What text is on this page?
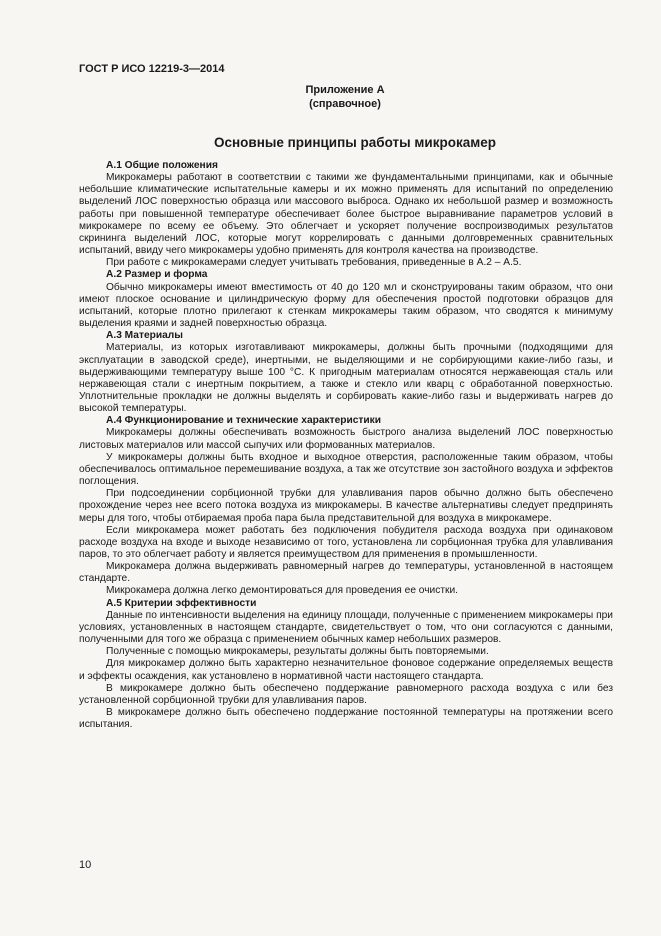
ГОСТ Р ИСО 12219-3—2014
Приложение А
(справочное)
Основные принципы работы микрокамер

А.1 Общие положения

Микрокамеры работают в соответствии с такими же фундаментальными принципами, как и обычные небольшие климатические испытательные камеры и их можно применять для испытаний по определению выделений ЛОС поверхностью образца или массового выброса. Однако их небольшой размер и возможность работы при повышенной температуре обеспечивает более быстрое выравнивание параметров условий в микрокамере по всему ее объему. Это облегчает и ускоряет получение воспроизводимых результатов скрининга выделений ЛОС, которые могут коррелировать с данными долговременных сравнительных испытаний, ввиду чего микрокамеры удобно применять для контроля качества на производстве.

При работе с микрокамерами следует учитывать требования, приведенные в А.2 – А.5.

А.2 Размер и форма

Обычно микрокамеры имеют вместимость от 40 до 120 мл и сконструированы таким образом, что они имеют плоское основание и цилиндрическую форму для обеспечения простой подготовки образцов для испытаний, которые плотно прилегают к стенкам микрокамеры таким образом, что сводятся к минимуму выделения краями и задней поверхностью образца.

А.3 Материалы

Материалы, из которых изготавливают микрокамеры, должны быть прочными (подходящими для эксплуатации в заводской среде), инертными, не выделяющими и не сорбирующими какие-либо газы, и выдерживающими температуру выше 100 °С. К пригодным материалам относятся нержавеющая сталь или нержавеющая стали с инертным покрытием, а также и стекло или кварц с обработанной поверхностью. Уплотнительные прокладки не должны выделять и сорбировать какие-либо газы и выдерживать нагрев до высокой температуры.

А.4 Функционирование и технические характеристики

Микрокамеры должны обеспечивать возможность быстрого анализа выделений ЛОС поверхностью листовых материалов или массой сыпучих или формованных материалов.

У микрокамеры должны быть входное и выходное отверстия, расположенные таким образом, чтобы обеспечивалось оптимальное перемешивание воздуха, а так же отсутствие зон застойного воздуха и эффектов поглощения.

При подсоединении сорбционной трубки для улавливания паров обычно должно быть обеспечено прохождение через нее всего потока воздуха из микрокамеры. В качестве альтернативы следует предпринять меры для того, чтобы отбираемая проба пара была представительной для воздуха в микрокамере.

Если микрокамера может работать без подключения побудителя расхода воздуха при одинаковом расходе воздуха на входе и выходе независимо от того, установлена ли сорбционная трубка для улавливания паров, то это облегчает работу и является преимуществом для применения в промышленности.

Микрокамера должна выдерживать равномерный нагрев до температуры, установленной в настоящем стандарте.

Микрокамера должна легко демонтироваться для проведения ее очистки.

А.5 Критерии эффективности

Данные по интенсивности выделения на единицу площади, полученные с применением микрокамеры при условиях, установленных в настоящем стандарте, свидетельствует о том, что они согласуются с данными, полученными для того же образца с применением обычных камер небольших размеров.

Полученные с помощью микрокамеры, результаты должны быть повторяемыми.

Для микрокамер должно быть характерно незначительное фоновое содержание определяемых веществ и эффекты осаждения, как установлено в нормативной части настоящего стандарта.

В микрокамере должно быть обеспечено поддержание равномерного расхода воздуха с или без установленной сорбционной трубки для улавливания паров.

В микрокамере должно быть обеспечено поддержание постоянной температуры на протяжении всего испытания.

10
